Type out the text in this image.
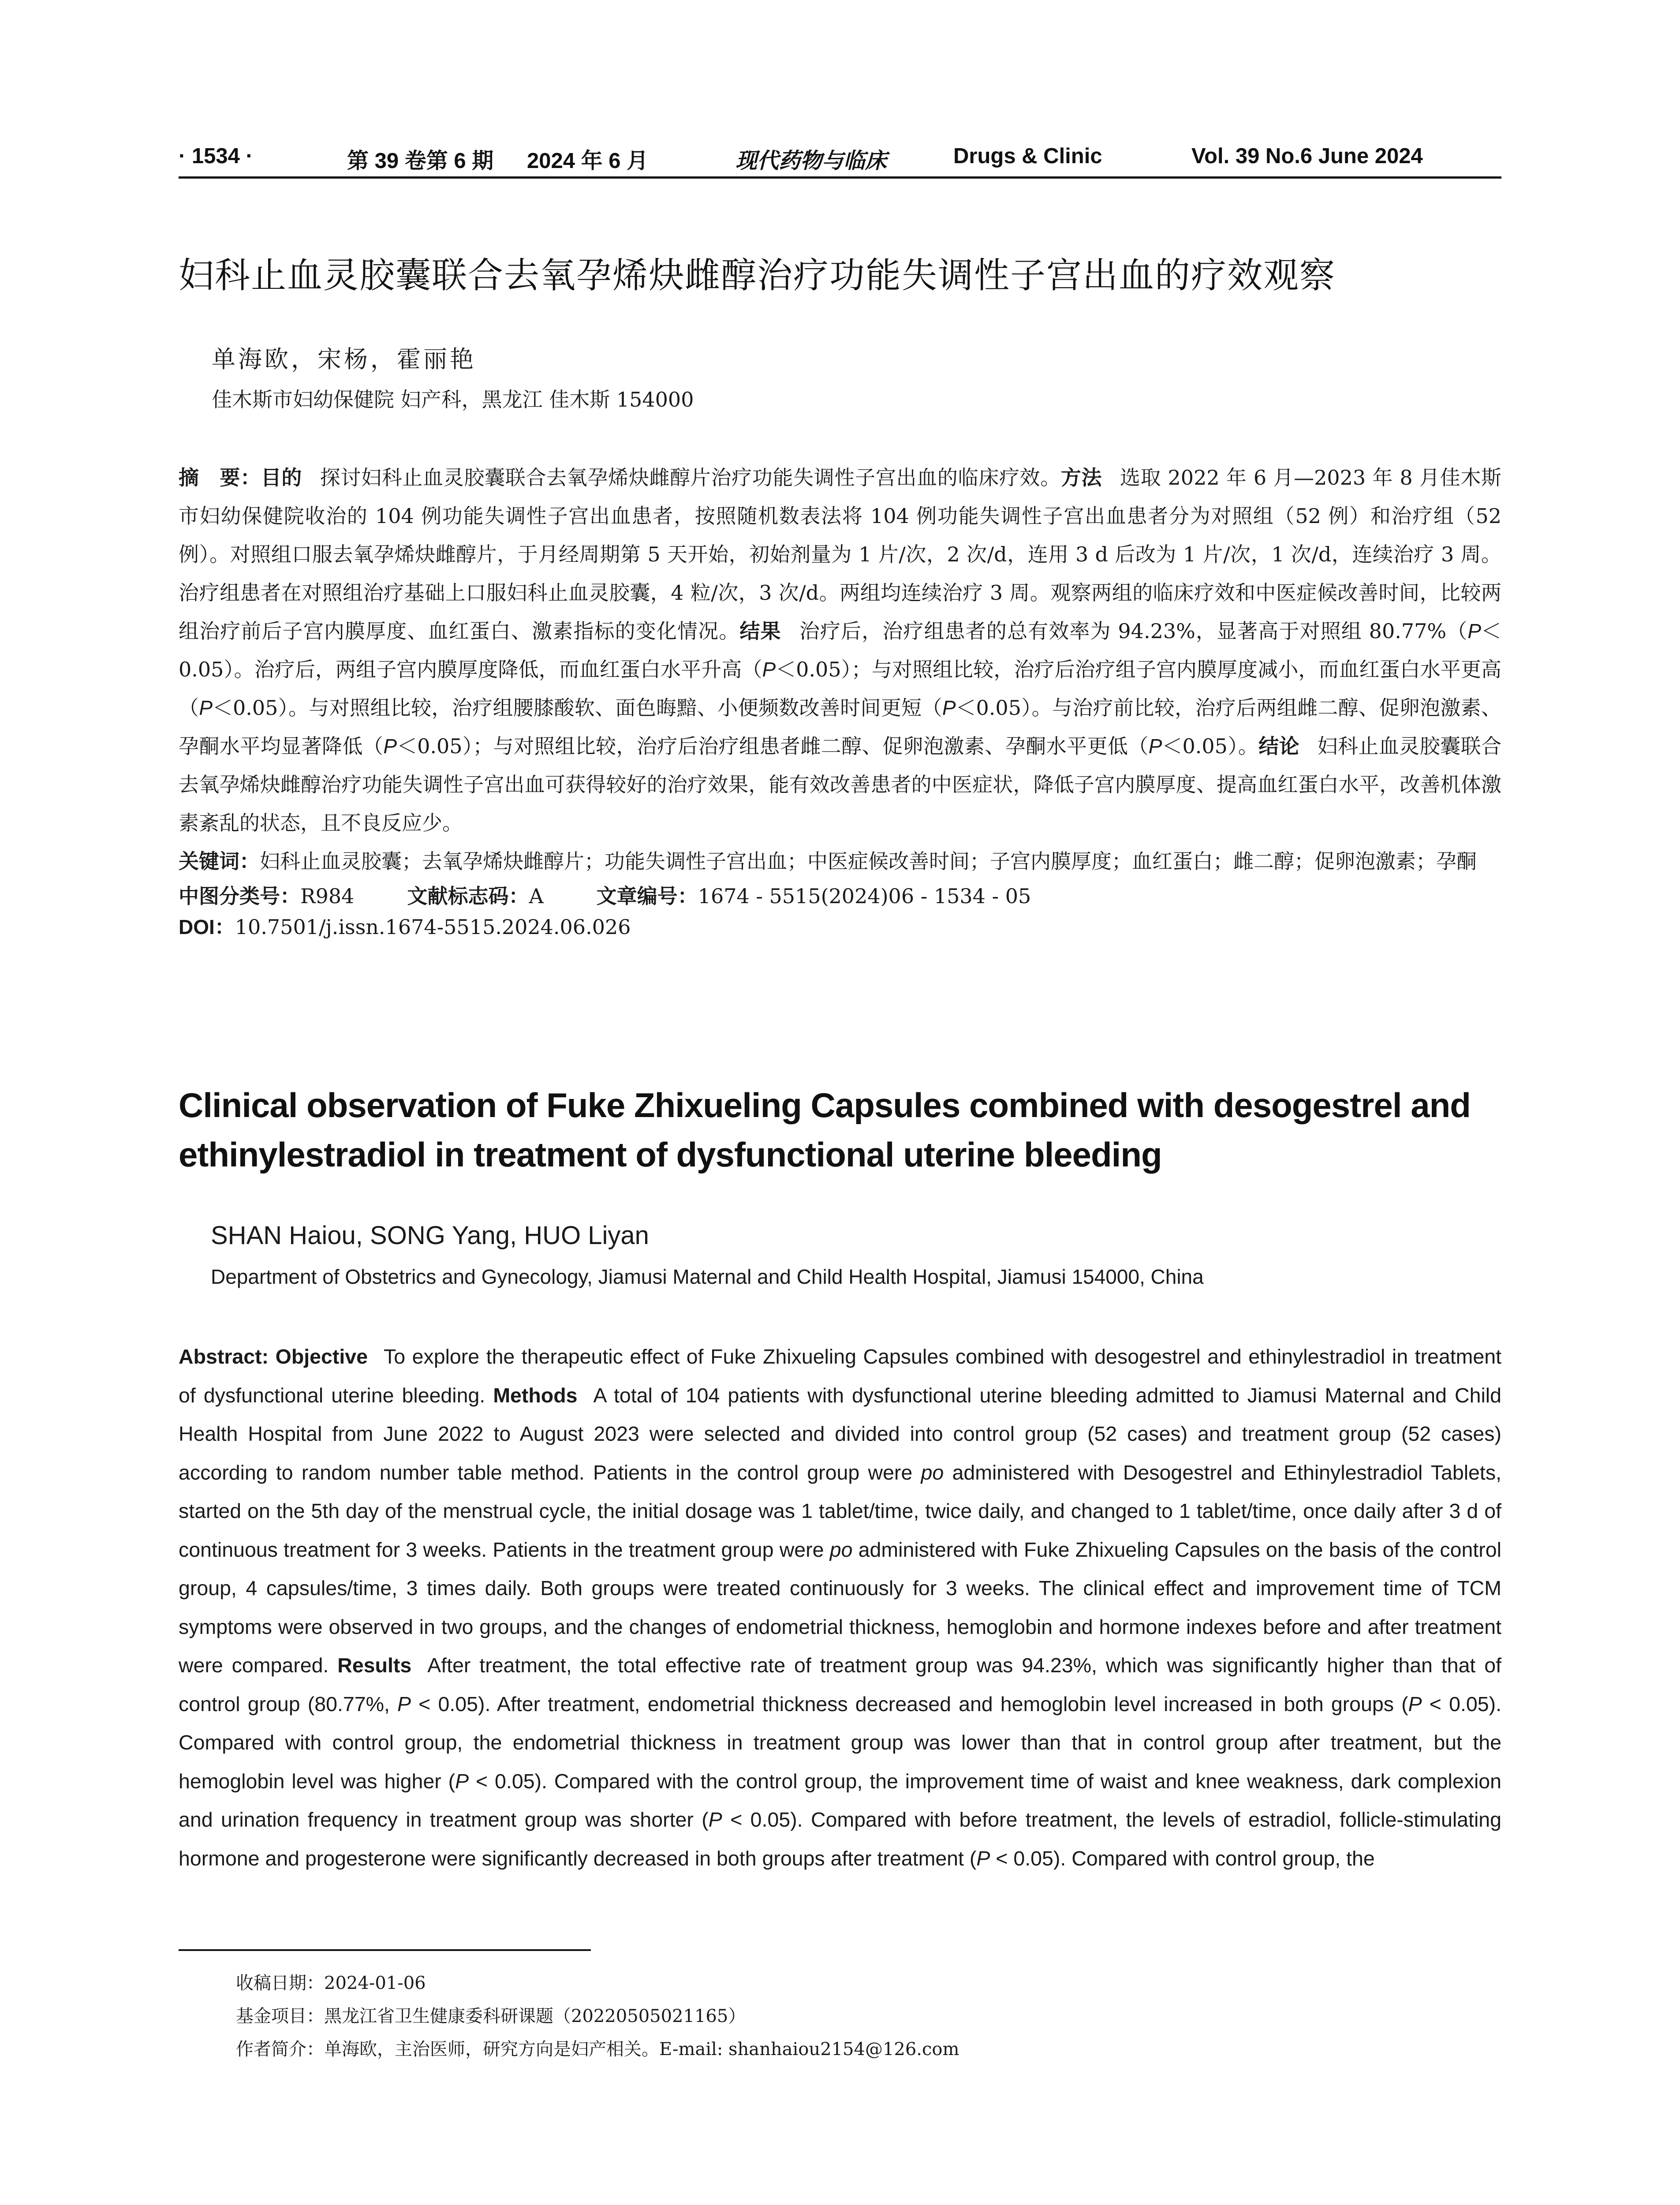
· 1534 ·	第 39 卷第 6 期 2024 年 6 月	现代药物与临床	Drugs & Clinic	Vol. 39 No.6 June 2024
妇科止血灵胶囊联合去氧孕烯炔雌醇治疗功能失调性子宫出血的疗效观察
单海欧，宋杨，霍丽艳
佳木斯市妇幼保健院 妇产科，黑龙江 佳木斯 154000

摘　要：目的 探讨妇科止血灵胶囊联合去氧孕烯炔雌醇片治疗功能失调性子宫出血的临床疗效。方法 选取 2022 年 6 月—2023 年 8 月佳木斯市妇幼保健院收治的 104 例功能失调性子宫出血患者，按照随机数表法将 104 例功能失调性子宫出血患者分为对照组（52 例）和治疗组（52 例）。对照组口服去氧孕烯炔雌醇片，于月经周期第 5 天开始，初始剂量为 1 片/次，2 次/d，连用 3 d 后改为 1 片/次，1 次/d，连续治疗 3 周。治疗组患者在对照组治疗基础上口服妇科止血灵胶囊，4 粒/次，3 次/d。两组均连续治疗 3 周。观察两组的临床疗效和中医症候改善时间，比较两组治疗前后子宫内膜厚度、血红蛋白、激素指标的变化情况。结果 治疗后，治疗组患者的总有效率为 94.23%，显著高于对照组 80.77%（P＜0.05）。治疗后，两组子宫内膜厚度降低，而血红蛋白水平升高（P＜0.05）；与对照组比较，治疗后治疗组子宫内膜厚度减小，而血红蛋白水平更高（P＜0.05）。与对照组比较，治疗组腰膝酸软、面色晦黯、小便频数改善时间更短（P＜0.05）。与治疗前比较，治疗后两组雌二醇、促卵泡激素、孕酮水平均显著降低（P＜0.05）；与对照组比较，治疗后治疗组患者雌二醇、促卵泡激素、孕酮水平更低（P＜0.05）。结论 妇科止血灵胶囊联合去氧孕烯炔雌醇治疗功能失调性子宫出血可获得较好的治疗效果，能有效改善患者的中医症状，降低子宫内膜厚度、提高血红蛋白水平，改善机体激素紊乱的状态，且不良反应少。

关键词：妇科止血灵胶囊；去氧孕烯炔雌醇片；功能失调性子宫出血；中医症候改善时间；子宫内膜厚度；血红蛋白；雌二醇；促卵泡激素；孕酮

中图分类号：R984	文献标志码：A	文章编号：1674 - 5515(2024)06 - 1534 - 05

DOI：10.7501/j.issn.1674-5515.2024.06.026

Clinical observation of Fuke Zhixueling Capsules combined with desogestrel and ethinylestradiol in treatment of dysfunctional uterine bleeding
SHAN Haiou, SONG Yang, HUO Liyan
Department of Obstetrics and Gynecology, Jiamusi Maternal and Child Health Hospital, Jiamusi 154000, China

Abstract: Objective To explore the therapeutic effect of Fuke Zhixueling Capsules combined with desogestrel and ethinylestradiol in treatment of dysfunctional uterine bleeding. Methods A total of 104 patients with dysfunctional uterine bleeding admitted to Jiamusi Maternal and Child Health Hospital from June 2022 to August 2023 were selected and divided into control group (52 cases) and treatment group (52 cases) according to random number table method. Patients in the control group were po administered with Desogestrel and Ethinylestradiol Tablets, started on the 5th day of the menstrual cycle, the initial dosage was 1 tablet/time, twice daily, and changed to 1 tablet/time, once daily after 3 d of continuous treatment for 3 weeks. Patients in the treatment group were po administered with Fuke Zhixueling Capsules on the basis of the control group, 4 capsules/time, 3 times daily. Both groups were treated continuously for 3 weeks. The clinical effect and improvement time of TCM symptoms were observed in two groups, and the changes of endometrial thickness, hemoglobin and hormone indexes before and after treatment were compared. Results After treatment, the total effective rate of treatment group was 94.23%, which was significantly higher than that of control group (80.77%, P < 0.05). After treatment, endometrial thickness decreased and hemoglobin level increased in both groups (P < 0.05). Compared with control group, the endometrial thickness in treatment group was lower than that in control group after treatment, but the hemoglobin level was higher (P < 0.05). Compared with the control group, the improvement time of waist and knee weakness, dark complexion and urination frequency in treatment group was shorter (P < 0.05). Compared with before treatment, the levels of estradiol, follicle-stimulating hormone and progesterone were significantly decreased in both groups after treatment (P < 0.05). Compared with control group, the

收稿日期：2024-01-06

基金项目：黑龙江省卫生健康委科研课题（20220505021165）

作者简介：单海欧，主治医师，研究方向是妇产相关。E-mail: shanhaiou2154@126.com
